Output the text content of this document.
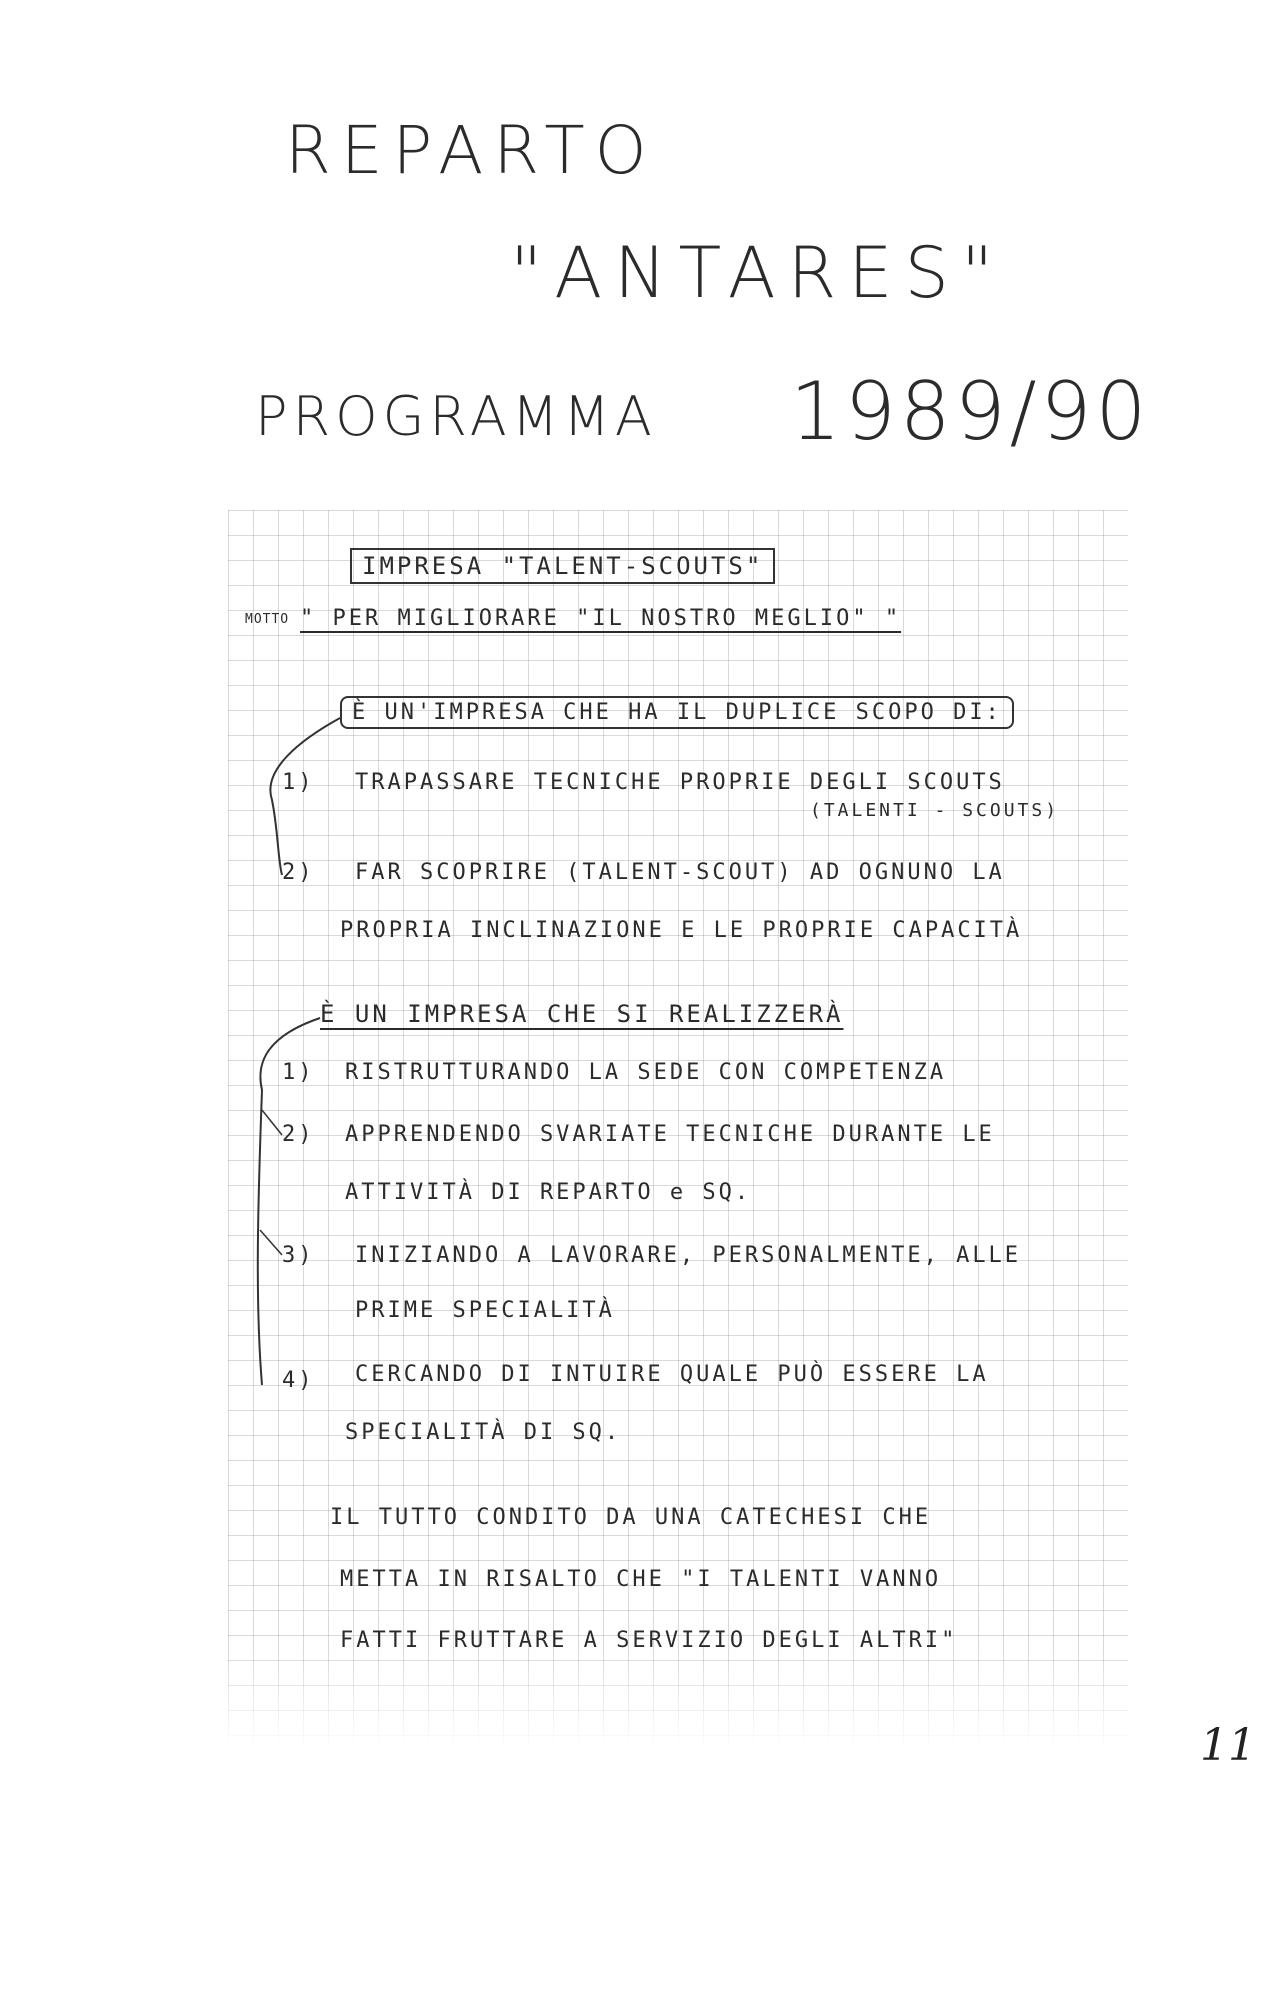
REPARTO
"ANTARES"
PROGRAMMA 1989/90
IMPRESA "TALENT-SCOUTS"
MOTTO " PER MIGLIORARE "IL NOSTRO MEGLIO" "
È UN'IMPRESA CHE HA IL DUPLICE SCOPO DI:
1) TRAPASSARE TECNICHE PROPRIE DEGLI SCOUTS
(TALENTI - SCOUTS)
2) FAR SCOPRIRE (TALENT-SCOUT) AD OGNUNO LA
PROPRIA INCLINAZIONE E LE PROPRIE CAPACITÀ
È UN IMPRESA CHE SI REALIZZERÀ
1) RISTRUTTURANDO LA SEDE CON COMPETENZA
2) APPRENDENDO SVARIATE TECNICHE DURANTE LE
ATTIVITÀ DI REPARTO e SQ.
3) INIZIANDO A LAVORARE, PERSONALMENTE, ALLE
PRIME SPECIALITÀ
4) CERCANDO DI INTUIRE QUALE PUÒ ESSERE LA
SPECIALITÀ DI SQ.
IL TUTTO CONDITO DA UNA CATECHESI CHE
METTA IN RISALTO CHE "I TALENTI VANNO
FATTI FRUTTARE A SERVIZIO DEGLI ALTRI"
11
